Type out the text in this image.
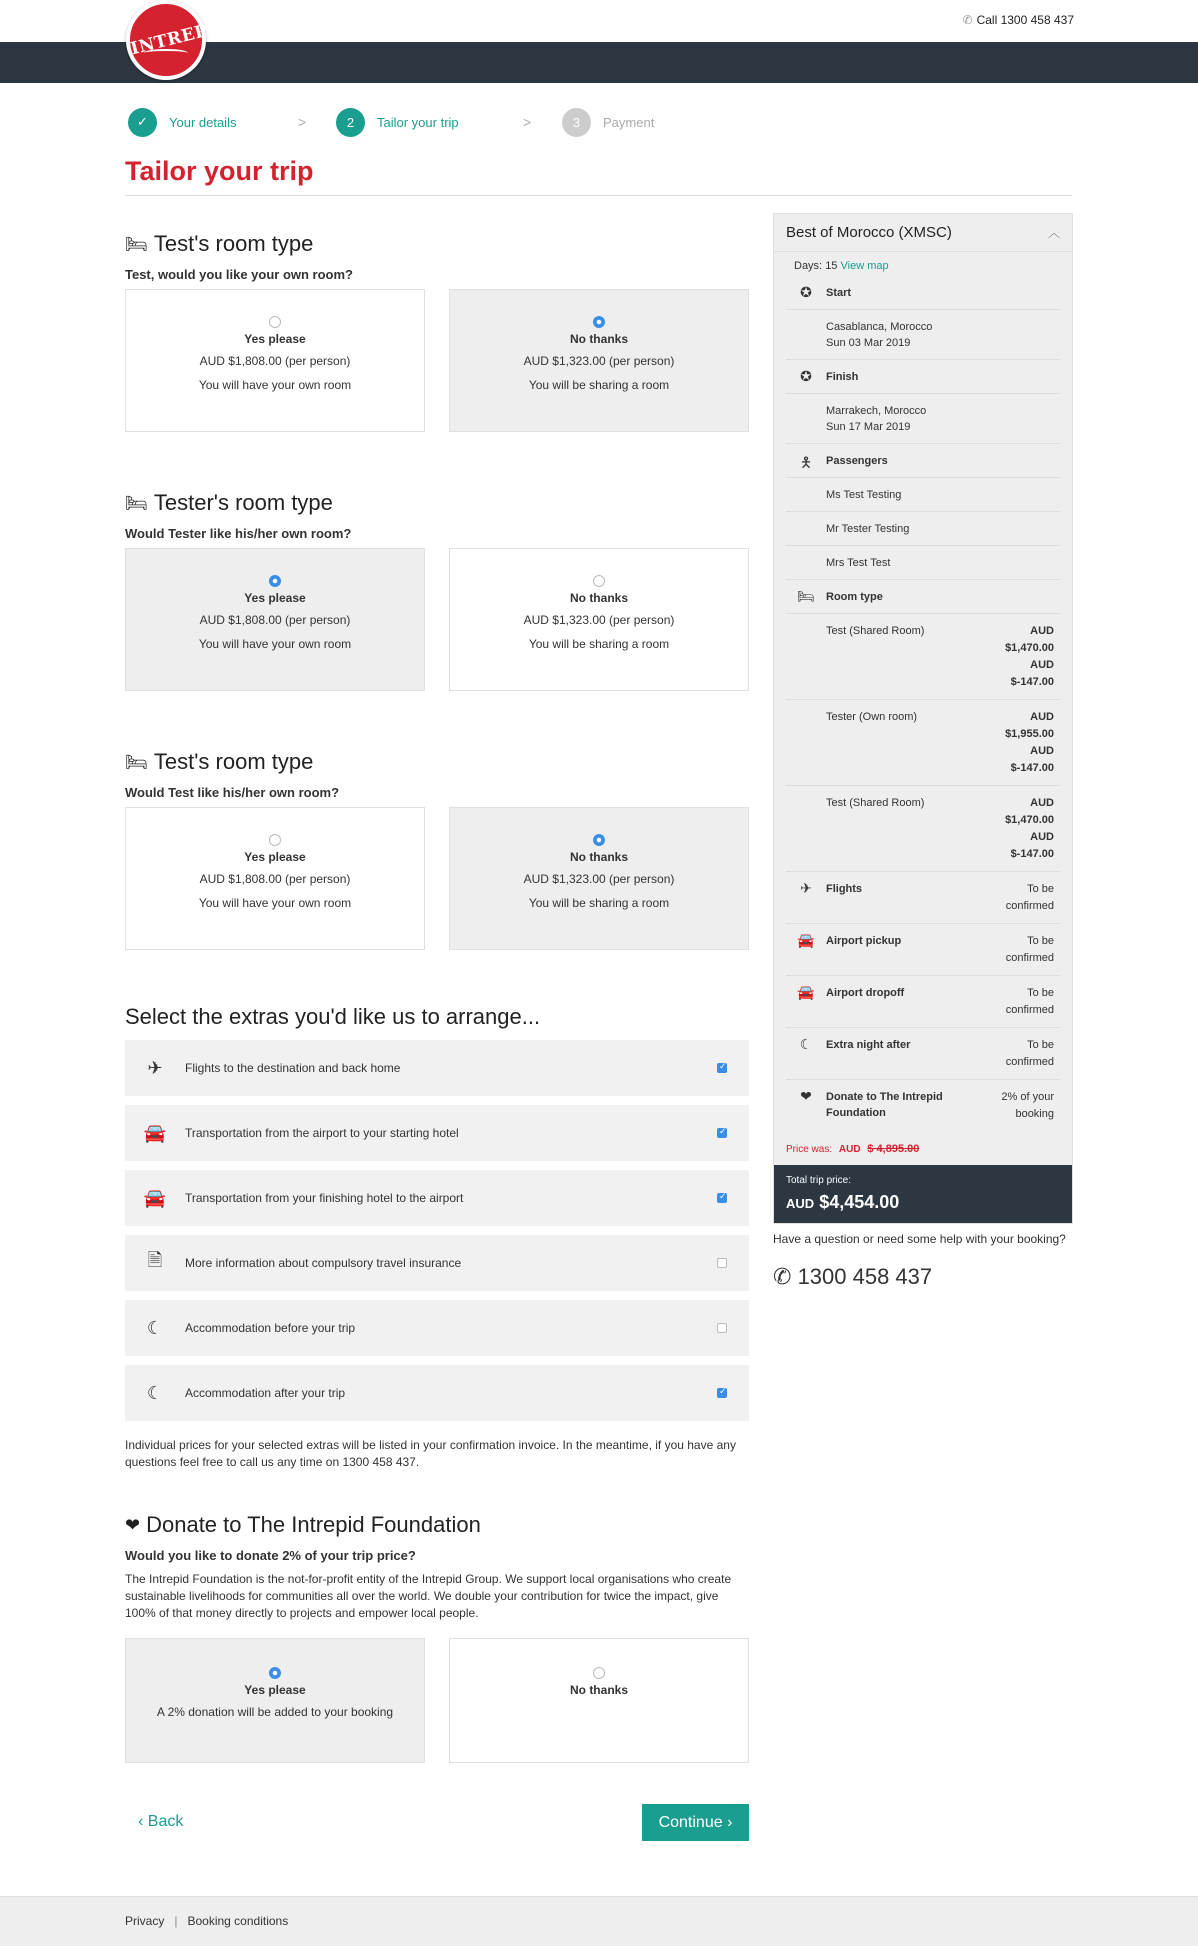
✆ Call 1300 458 437
INTREPID
✓	Your details	>	2	Tailor your trip	>	3	Payment
Tailor your trip
🛏 Test's room type
Test, would you like your own room?
Yes please
AUD $1,808.00 (per person)
You will have your own room
No thanks
AUD $1,323.00 (per person)
You will be sharing a room
🛏 Tester's room type
Would Tester like his/her own room?
Yes please
AUD $1,808.00 (per person)
You will have your own room
No thanks
AUD $1,323.00 (per person)
You will be sharing a room
🛏 Test's room type
Would Test like his/her own room?
Yes please
AUD $1,808.00 (per person)
You will have your own room
No thanks
AUD $1,323.00 (per person)
You will be sharing a room
Select the extras you'd like us to arrange...
✈	Flights to the destination and back home
✓
🚘	Transportation from the airport to your starting hotel
✓
🚘	Transportation from your finishing hotel to the airport
✓
🗎	More information about compulsory travel insurance
☾	Accommodation before your trip
☾	Accommodation after your trip
✓
Individual prices for your selected extras will be listed in your confirmation invoice. In the meantime, if you have any questions feel free to call us any time on 1300 458 437.
❤ Donate to The Intrepid Foundation
Would you like to donate 2% of your trip price?
The Intrepid Foundation is the not-for-profit entity of the Intrepid Group. We support local organisations who create sustainable livelihoods for communities all over the world. We double your contribution for twice the impact, give 100% of that money directly to projects and empower local people.
Yes please
A 2% donation will be added to your booking
No thanks
‹ Back	Continue ›
Privacy | Booking conditions
Best of Morocco (XMSC)	︿
Days: 15 View map
✪	Start
Casablanca, Morocco
Sun 03 Mar 2019
✪	Finish
Marrakech, Morocco
Sun 17 Mar 2019
🯅	Passengers
Ms Test Testing
Mr Tester Testing
Mrs Test Test
🛏	Room type
Test (Shared Room)	AUD
$1,470.00
AUD
$-147.00
Tester (Own room)	AUD
$1,955.00
AUD
$-147.00
Test (Shared Room)	AUD
$1,470.00
AUD
$-147.00
✈	Flights	To be confirmed
🚘	Airport pickup	To be confirmed
🚘	Airport dropoff	To be confirmed
☾	Extra night after	To be confirmed
❤	Donate to The Intrepid Foundation
2% of your booking
Price was: AUD $ 4,895.00
Total trip price:
AUD $4,454.00
Have a question or need some help with your booking?
✆ 1300 458 437
